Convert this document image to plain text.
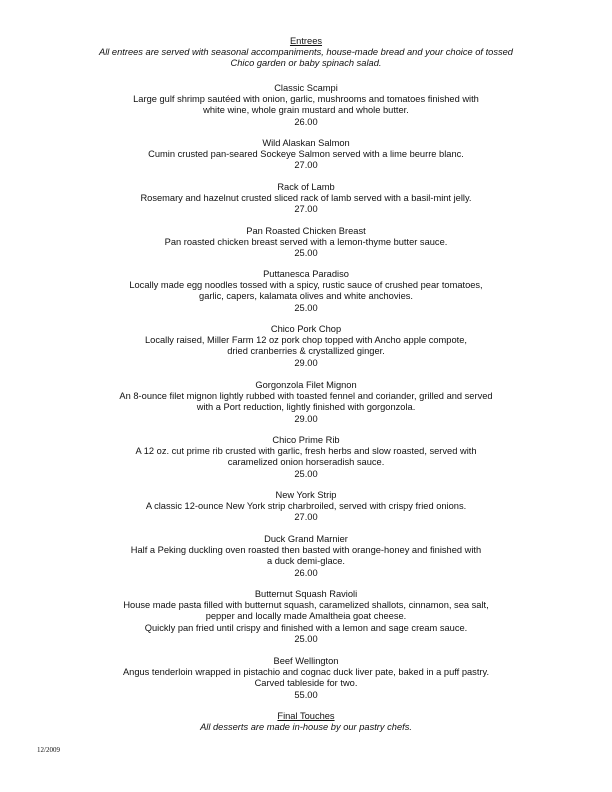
Entrees
All entrees are served with seasonal accompaniments, house-made bread and your choice of tossed
Chico garden or baby spinach salad.
Classic Scampi
Large gulf shrimp sautéed with onion, garlic, mushrooms and tomatoes finished with
white wine, whole grain mustard and whole butter.
26.00
Wild Alaskan Salmon
Cumin crusted pan-seared Sockeye Salmon served with a lime beurre blanc.
27.00
Rack of Lamb
Rosemary and hazelnut crusted sliced rack of lamb served with a basil-mint jelly.
27.00
Pan Roasted Chicken Breast
Pan roasted chicken breast served with a lemon-thyme butter sauce.
25.00
Puttanesca Paradiso
Locally made egg noodles tossed with a spicy, rustic sauce of crushed pear tomatoes,
garlic, capers, kalamata olives and white anchovies.
25.00
Chico Pork Chop
Locally raised, Miller Farm 12 oz pork chop topped with Ancho apple compote,
dried cranberries & crystallized ginger.
29.00
Gorgonzola Filet Mignon
An 8-ounce filet mignon lightly rubbed with toasted fennel and coriander, grilled and served
with a Port reduction, lightly finished with gorgonzola.
29.00
Chico Prime Rib
A 12 oz. cut prime rib crusted with garlic, fresh herbs and slow roasted, served with
caramelized onion horseradish sauce.
25.00
New York Strip
A classic 12-ounce New York strip charbroiled, served with crispy fried onions.
27.00
Duck Grand Marnier
Half a Peking duckling oven roasted then basted with orange-honey and finished with
a duck demi-glace.
26.00
Butternut Squash Ravioli
House made pasta filled with butternut squash, caramelized shallots, cinnamon, sea salt,
pepper and locally made Amaltheia goat cheese.
Quickly pan fried until crispy and finished with a lemon and sage cream sauce.
25.00
Beef Wellington
Angus tenderloin wrapped in pistachio and cognac duck liver pate, baked in a puff pastry.
Carved tableside for two.
55.00
Final Touches
All desserts are made in-house by our pastry chefs.
12/2009
